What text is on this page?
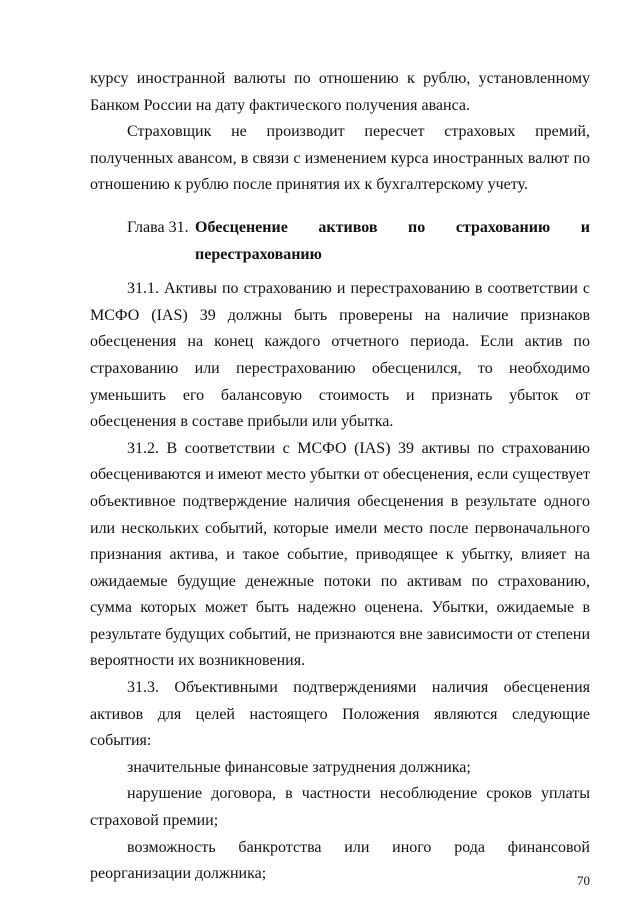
курсу иностранной валюты по отношению к рублю, установленному Банком России на дату фактического получения аванса.

Страховщик не производит пересчет страховых премий, полученных авансом, в связи с изменением курса иностранных валют по отношению к рублю после принятия их к бухгалтерскому учету.

Глава 31. Обесценение активов по страхованию и
перестрахованию

31.1. Активы по страхованию и перестрахованию в соответствии с МСФО (IAS) 39 должны быть проверены на наличие признаков обесценения на конец каждого отчетного периода. Если актив по страхованию или перестрахованию обесценился, то необходимо уменьшить его балансовую стоимость и признать убыток от обесценения в составе прибыли или убытка.

31.2. В соответствии с МСФО (IAS) 39 активы по страхованию обесцениваются и имеют место убытки от обесценения, если существует объективное подтверждение наличия обесценения в результате одного или нескольких событий, которые имели место после первоначального признания актива, и такое событие, приводящее к убытку, влияет на ожидаемые будущие денежные потоки по активам по страхованию, сумма которых может быть надежно оценена. Убытки, ожидаемые в результате будущих событий, не признаются вне зависимости от степени вероятности их возникновения.

31.3. Объективными подтверждениями наличия обесценения активов для целей настоящего Положения являются следующие события:

значительные финансовые затруднения должника;

нарушение договора, в частности несоблюдение сроков уплаты страховой премии;

возможность банкротства или иного рода финансовой реорганизации должника;	70
